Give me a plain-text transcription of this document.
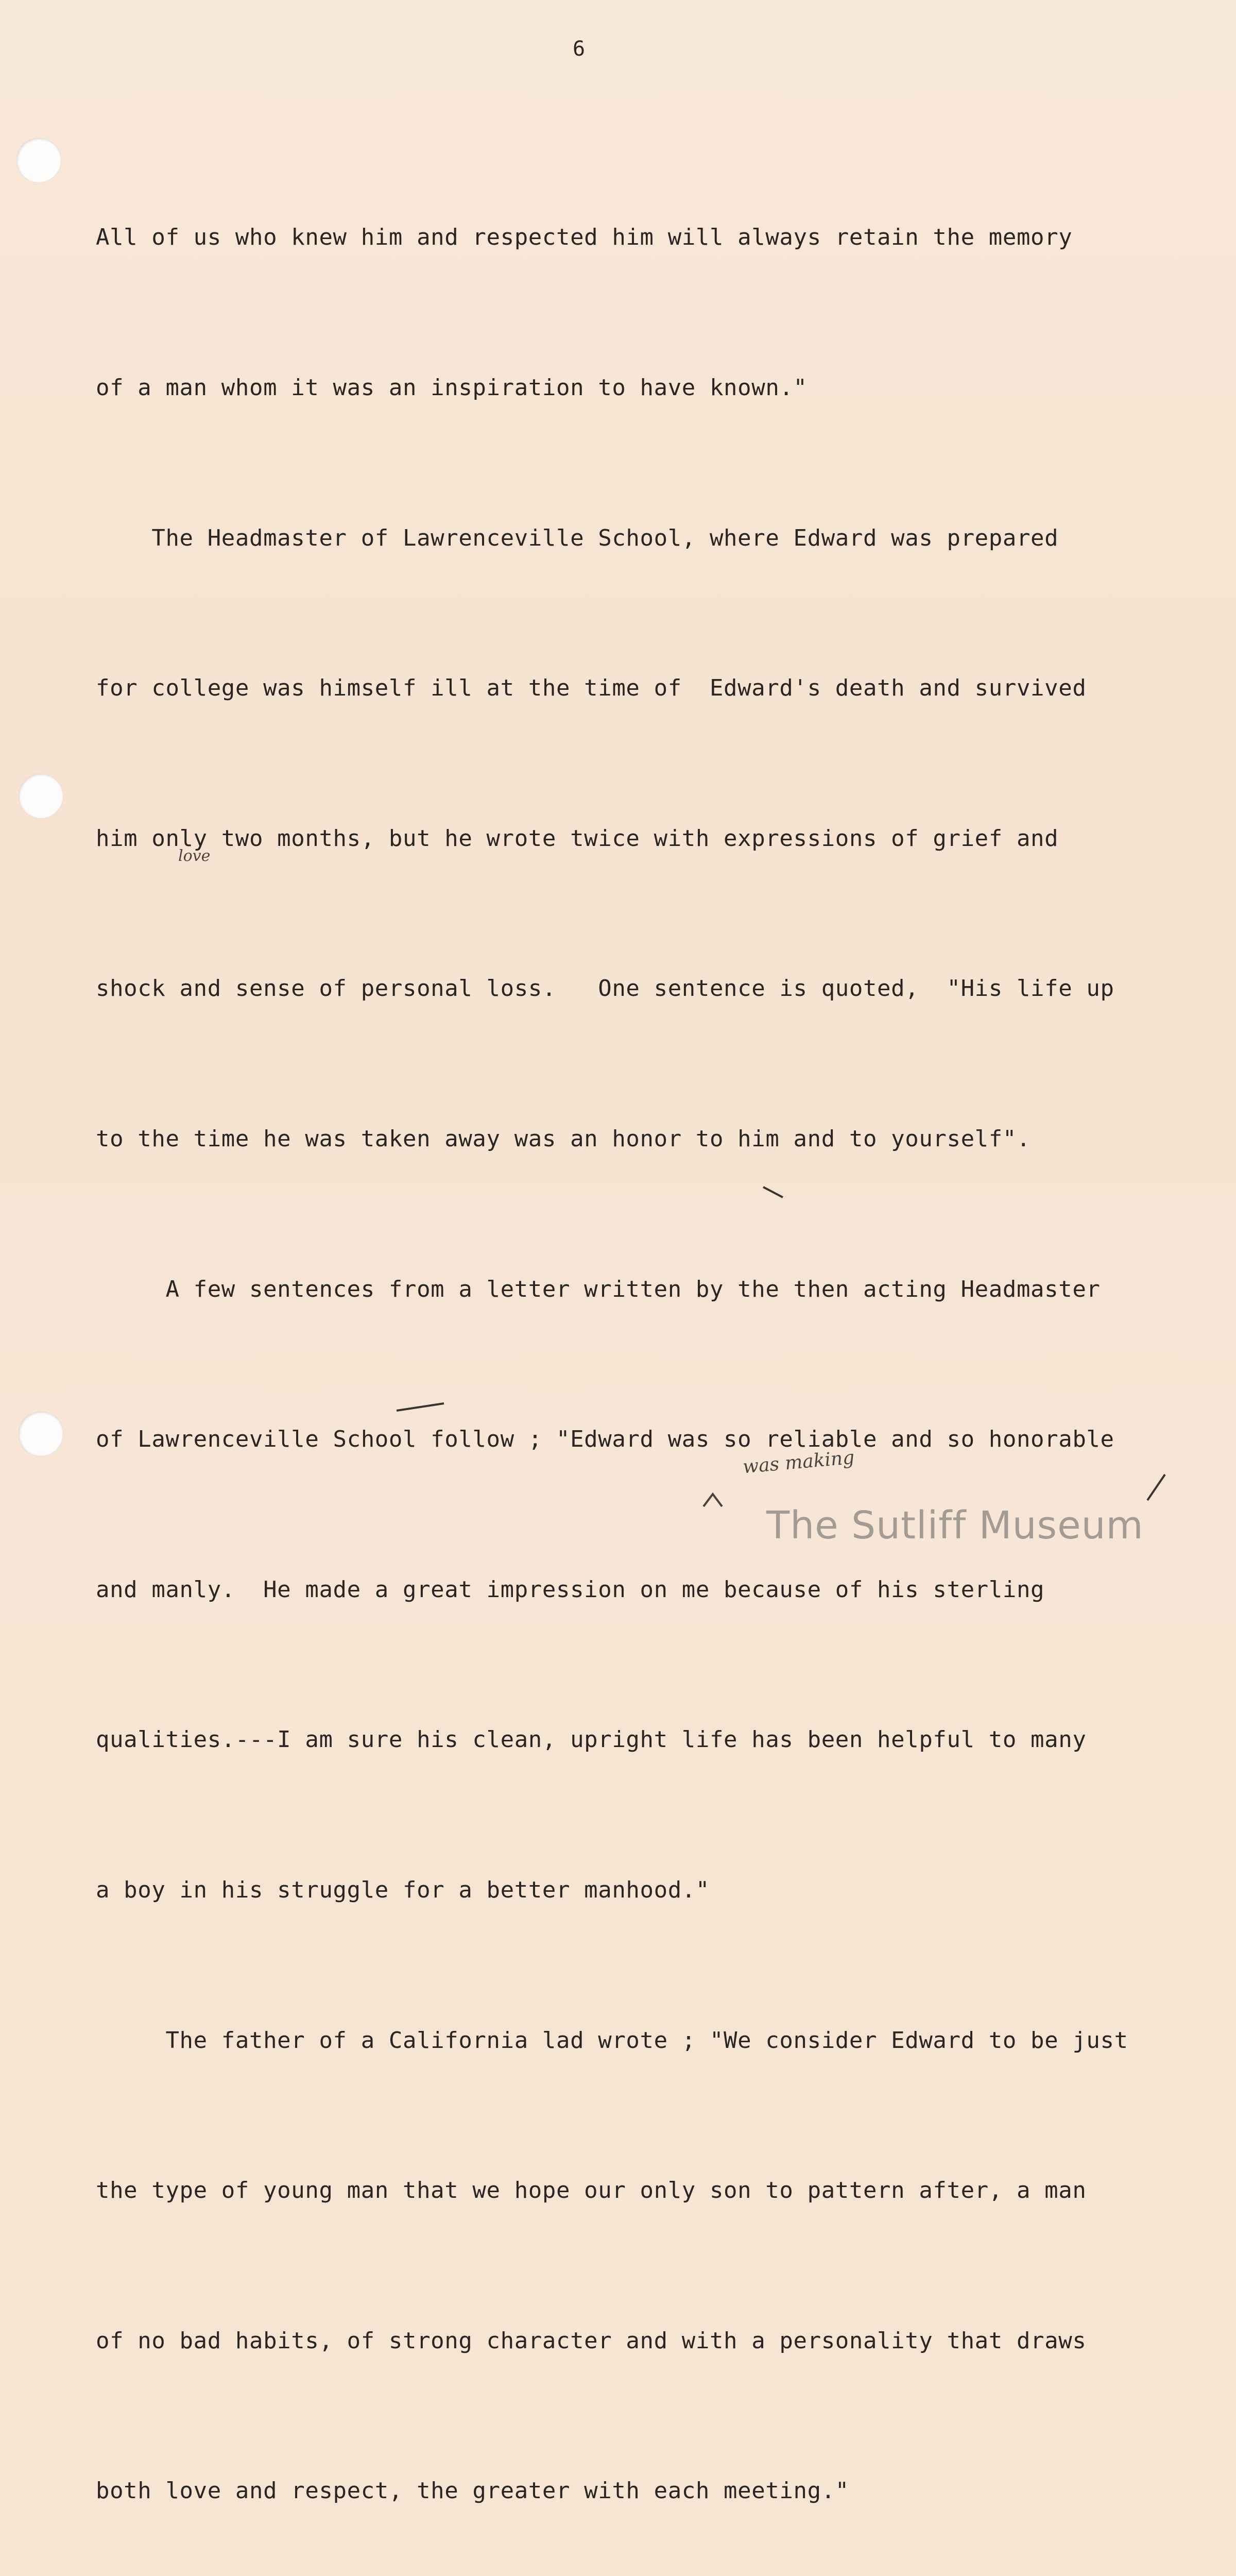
6

All of us who knew him and respected him will always retain the memory

of a man whom it was an inspiration to have known."

The Headmaster of Lawrenceville School, where Edward was prepared

for college was himself ill at the time of  Edward's death and survived

him only two months, but he wrote twice with expressions of grief and

shock and sense of personal loss.   One sentence is quoted,  "His life up

to the time he was taken away was an honor to him and to yourself".

A few sentences from a letter written by the then acting Headmaster

of Lawrenceville School follow ; "Edward was so reliable and so honorable

and manly.  He made a great impression on me because of his sterling

qualities.---I am sure his clean, upright life has been helpful to many

a boy in his struggle for a better manhood."

The father of a California lad wrote ; "We consider Edward to be just

the type of young man that we hope our only son to pattern after, a man

of no bad habits, of strong character and with a personality that draws

both love and respect, the greater with each meeting."

love
was making
The Sutliff Museum
